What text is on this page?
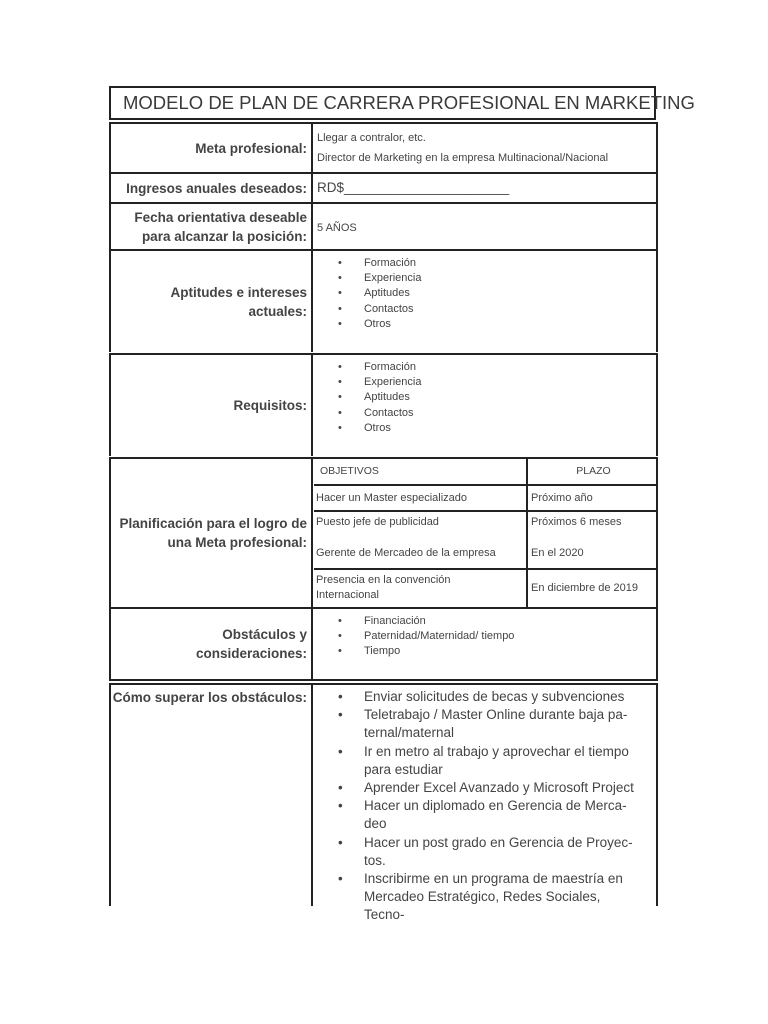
MODELO DE PLAN DE CARRERA PROFESIONAL EN MARKETING
Meta profesional:
Llegar a contralor, etc.
Director de Marketing en la empresa Multinacional/Nacional
Ingresos anuales deseados: RD$______________________
Fecha orientativa deseable
para alcanzar la posición:
5 AÑOS
Aptitudes e intereses
actuales:
• Formación
• Experiencia
• Aptitudes
• Contactos
• Otros
Requisitos:
• Formación
• Experiencia
• Aptitudes
• Contactos
• Otros
Planificación para el logro de
una Meta profesional:
OBJETIVOS	PLAZO
Hacer un Master especializado	Próximo año
Puesto jefe de publicidad
Gerente de Mercadeo de la empresa
Próximos 6 meses
En el 2020
Presencia en la convención
Internacional
En diciembre de 2019
Obstáculos y consideraciones:
• Financiación
• Paternidad/Maternidad/ tiempo
• Tiempo
Cómo superar los obstáculos:
•	Enviar solicitudes de becas y subvenciones
• Teletrabajo / Master Online durante baja pa-
ternal/maternal
• Ir en metro al trabajo y aprovechar el tiempo
para estudiar
• Aprender Excel Avanzado y Microsoft Project
• Hacer un diplomado en Gerencia de Merca-
deo
• Hacer un post grado en Gerencia de Proyec-
tos.
• Inscribirme en un programa de maestría en
Mercadeo Estratégico, Redes Sociales, Tecno-
